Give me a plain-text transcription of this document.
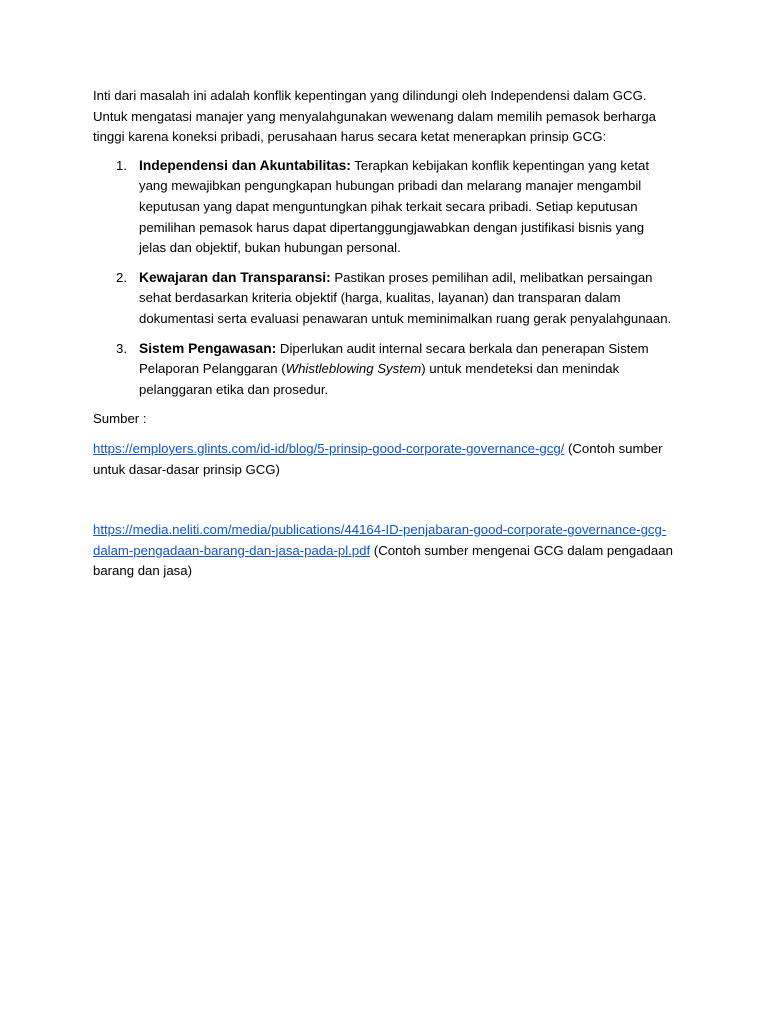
Inti dari masalah ini adalah konflik kepentingan yang dilindungi oleh Independensi dalam GCG. Untuk mengatasi manajer yang menyalahgunakan wewenang dalam memilih pemasok berharga tinggi karena koneksi pribadi, perusahaan harus secara ketat menerapkan prinsip GCG:

1. Independensi dan Akuntabilitas: Terapkan kebijakan konflik kepentingan yang ketat yang mewajibkan pengungkapan hubungan pribadi dan melarang manajer mengambil keputusan yang dapat menguntungkan pihak terkait secara pribadi. Setiap keputusan pemilihan pemasok harus dapat dipertanggungjawabkan dengan justifikasi bisnis yang jelas dan objektif, bukan hubungan personal.
2. Kewajaran dan Transparansi: Pastikan proses pemilihan adil, melibatkan persaingan sehat berdasarkan kriteria objektif (harga, kualitas, layanan) dan transparan dalam dokumentasi serta evaluasi penawaran untuk meminimalkan ruang gerak penyalahgunaan.
3. Sistem Pengawasan: Diperlukan audit internal secara berkala dan penerapan Sistem Pelaporan Pelanggaran (Whistleblowing System) untuk mendeteksi dan menindak pelanggaran etika dan prosedur.

Sumber :

https://employers.glints.com/id-id/blog/5-prinsip-good-corporate-governance-gcg/ (Contoh sumber untuk dasar-dasar prinsip GCG)

https://media.neliti.com/media/publications/44164-ID-penjabaran-good-corporate-governance-gcg-dalam-pengadaan-barang-dan-jasa-pada-pl.pdf (Contoh sumber mengenai GCG dalam pengadaan barang dan jasa)
